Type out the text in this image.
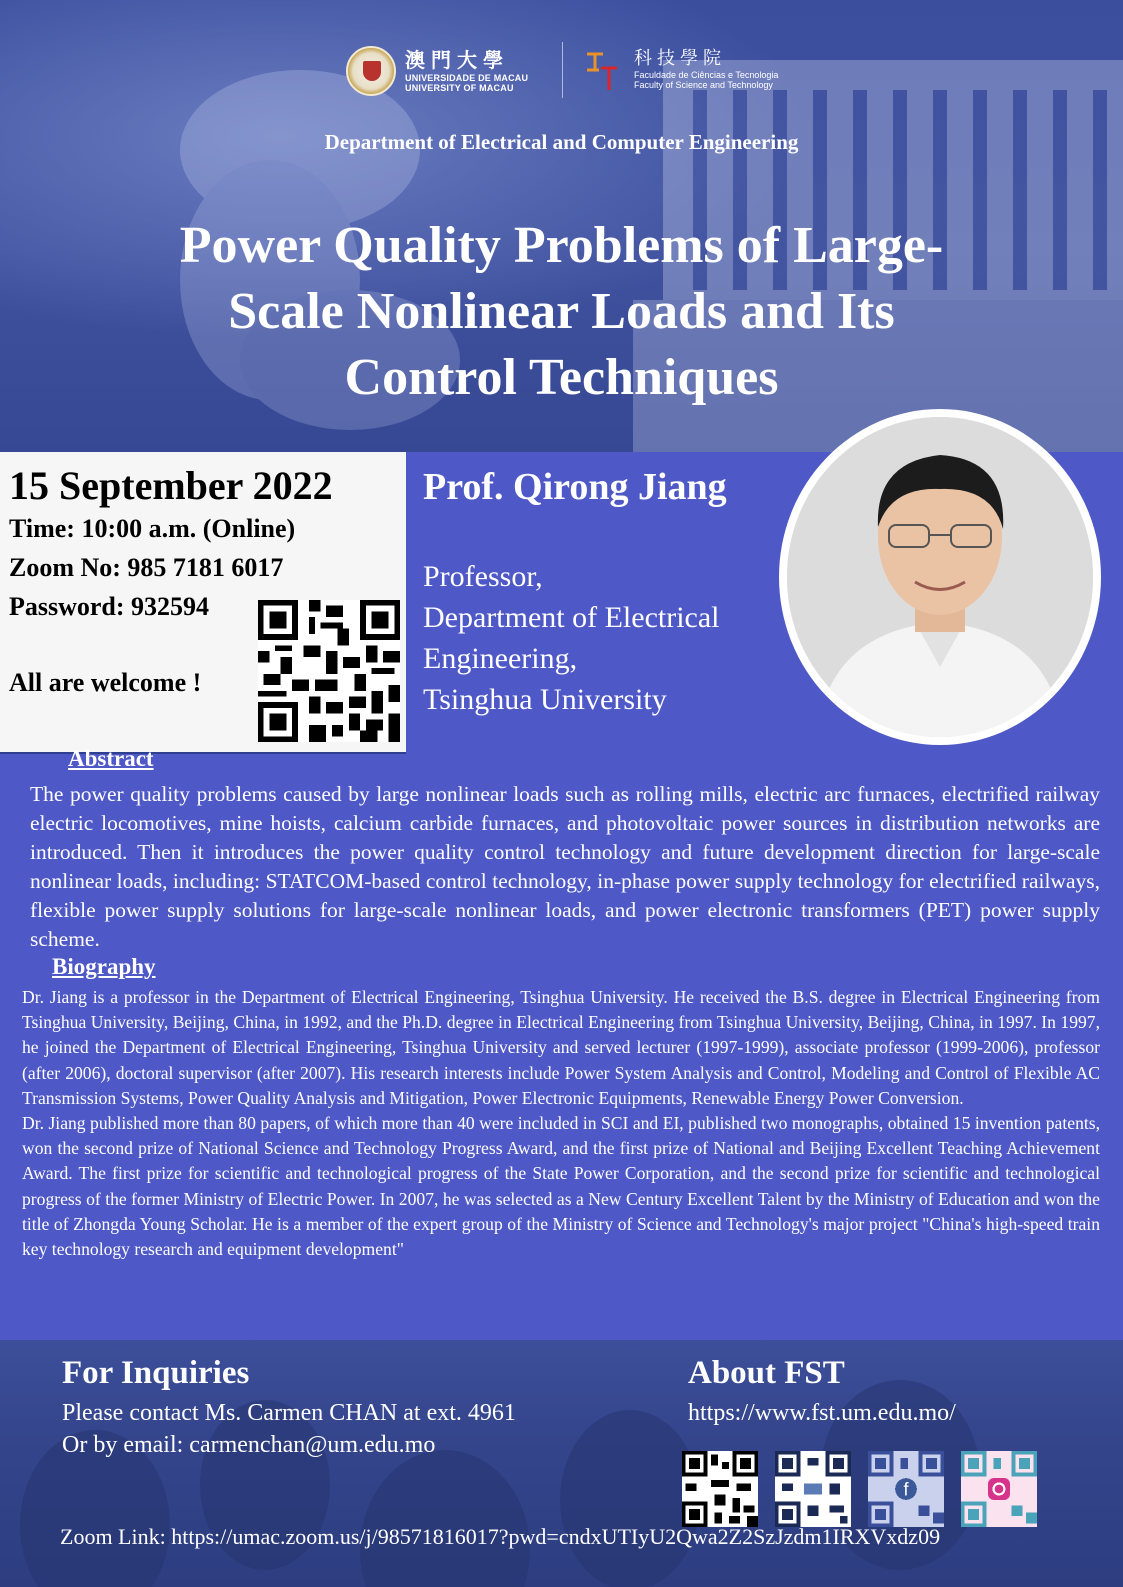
澳門大學
UNIVERSIDADE DE MACAU
UNIVERSITY OF MACAU
科技學院
Faculdade de Ciências e Tecnologia
Faculty of Science and Technology
Department of Electrical and Computer Engineering
Power Quality Problems of Large-
Scale Nonlinear Loads and Its
Control Techniques
15 September 2022
Time: 10:00 a.m. (Online)
Zoom No: 985 7181 6017
Password: 932594
All are welcome !
Prof. Qirong Jiang
Professor,
Department of Electrical
Engineering,
Tsinghua University
Abstract
The power quality problems caused by large nonlinear loads such as rolling mills, electric arc furnaces, electrified railway electric locomotives, mine hoists, calcium carbide furnaces, and photovoltaic power sources in distribution networks are introduced. Then it introduces the power quality control technology and future development direction for large-scale nonlinear loads, including: STATCOM-based control technology, in-phase power supply technology for electrified railways, flexible power supply solutions for large-scale nonlinear loads, and power electronic transformers (PET) power supply scheme.
Biography

Dr. Jiang is a professor in the Department of Electrical Engineering, Tsinghua University. He received the B.S. degree in Electrical Engineering from Tsinghua University, Beijing, China, in 1992, and the Ph.D. degree in Electrical Engineering from Tsinghua University, Beijing, China, in 1997. In 1997, he joined the Department of Electrical Engineering, Tsinghua University and served lecturer (1997-1999), associate professor (1999-2006), professor (after 2006), doctoral supervisor (after 2007). His research interests include Power System Analysis and Control, Modeling and Control of Flexible AC Transmission Systems, Power Quality Analysis and Mitigation, Power Electronic Equipments, Renewable Energy Power Conversion.

Dr. Jiang published more than 80 papers, of which more than 40 were included in SCI and EI, published two monographs, obtained 15 invention patents, won the second prize of National Science and Technology Progress Award, and the first prize of National and Beijing Excellent Teaching Achievement Award. The first prize for scientific and technological progress of the State Power Corporation, and the second prize for scientific and technological progress of the former Ministry of Electric Power. In 2007, he was selected as a New Century Excellent Talent by the Ministry of Education and won the title of Zhongda Young Scholar. He is a member of the expert group of the Ministry of Science and Technology's major project "China's high-speed train key technology research and equipment development"

For Inquiries
Please contact Ms. Carmen CHAN at ext. 4961
Or by email: carmenchan@um.edu.mo
About FST
https://www.fst.um.edu.mo/
f
Zoom Link: https://umac.zoom.us/j/98571816017?pwd=cndxUTIyU2Qwa2Z2SzJzdm1IRXVxdz09
